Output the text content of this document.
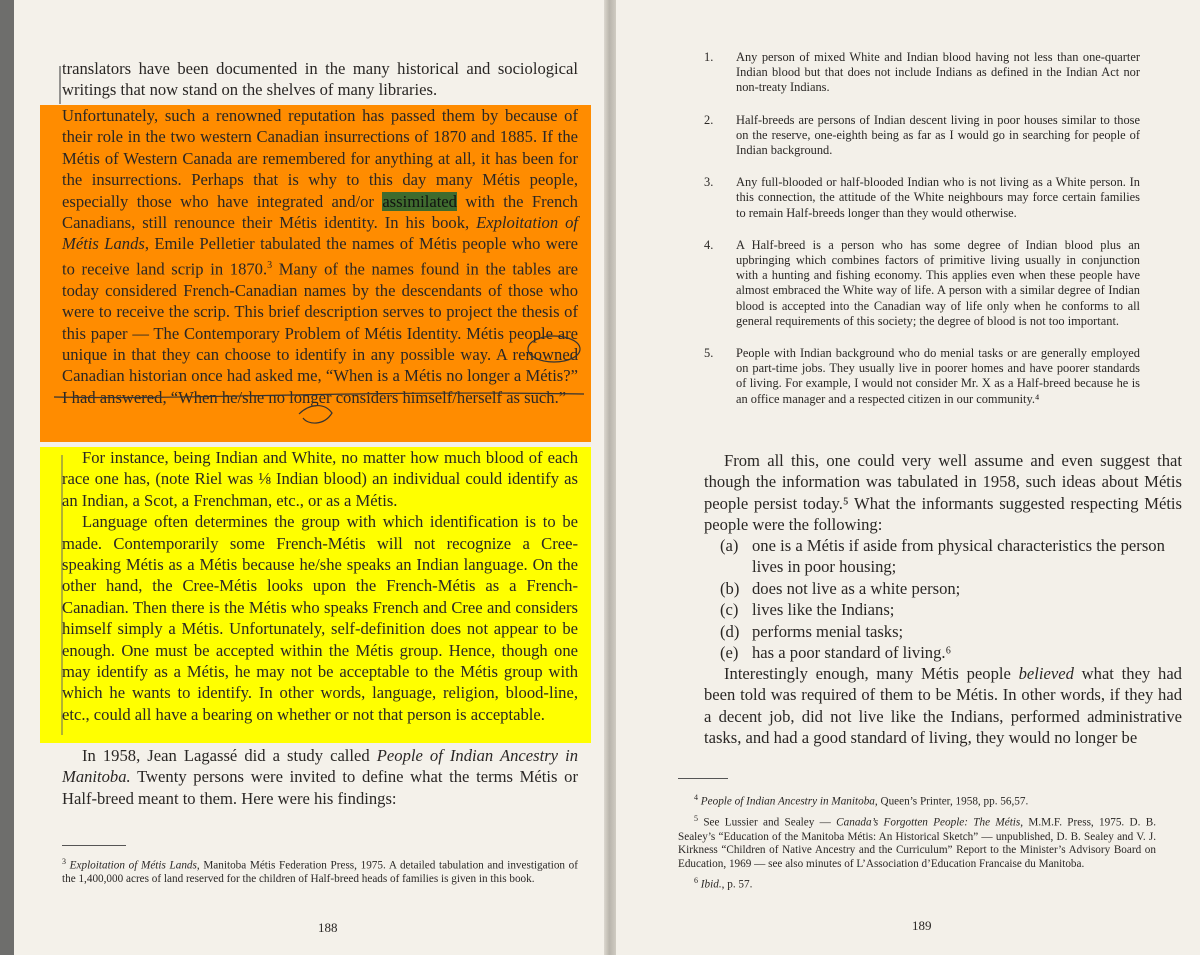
translators have been documented in the many historical and sociological writings that now stand on the shelves of many libraries.

Unfortunately, such a renowned reputation has passed them by because of their role in the two western Canadian insurrections of 1870 and 1885. If the Métis of Western Canada are remembered for anything at all, it has been for the insurrections. Perhaps that is why to this day many Métis people, especially those who have integrated and/or assimilated with the French Canadians, still renounce their Métis identity. In his book, Exploitation of Métis Lands, Emile Pelletier tabulated the names of Métis people who were to receive land scrip in 1870.$^3$ Many of the names found in the tables are today considered French-Canadian names by the descendants of those who were to receive the scrip. This brief description serves to project the thesis of this paper — The Contemporary Problem of Métis Identity. Métis people are unique in that they can choose to identify in any possible way. A renowned Canadian historian once had asked me, “When is a Métis no longer a Métis?” I had answered, “When he/she no longer considers himself/herself as such.”

For instance, being Indian and White, no matter how much blood of each race one has, (note Riel was ⅛ Indian blood) an individual could identify as an Indian, a Scot, a Frenchman, etc., or as a Métis.

Language often determines the group with which identification is to be made. Contemporarily some French-Métis will not recognize a Cree-speaking Métis as a Métis because he/she speaks an Indian language. On the other hand, the Cree-Métis looks upon the French-Métis as a French-Canadian. Then there is the Métis who speaks French and Cree and considers himself simply a Métis. Unfortunately, self-definition does not appear to be enough. One must be accepted within the Métis group. Hence, though one may identify as a Métis, he may not be acceptable to the Métis group with which he wants to identify. In other words, language, religion, blood-line, etc., could all have a bearing on whether or not that person is acceptable.

In 1958, Jean Lagassé did a study called People of Indian Ancestry in Manitoba. Twenty persons were invited to define what the terms Métis or Half-breed meant to them. Here were his findings:

$^3$ Exploitation of Métis Lands, Manitoba Métis Federation Press, 1975. A detailed tabulation and investigation of the 1,400,000 acres of land reserved for the children of Half-breed heads of families is given in this book.
188
1. Any person of mixed White and Indian blood having not less than one-quarter Indian blood but that does not include Indians as defined in the Indian Act nor non-treaty Indians.
2. Half-breeds are persons of Indian descent living in poor houses similar to those on the reserve, one-eighth being as far as I would go in searching for people of Indian background.
3. Any full-blooded or half-blooded Indian who is not living as a White person. In this connection, the attitude of the White neighbours may force certain families to remain Half-breeds longer than they would otherwise.
4. A Half-breed is a person who has some degree of Indian blood plus an upbringing which combines factors of primitive living usually in conjunction with a hunting and fishing economy. This applies even when these people have almost embraced the White way of life. A person with a similar degree of Indian blood is accepted into the Canadian way of life only when he conforms to all general requirements of this society; the degree of blood is not too important.
5. People with Indian background who do menial tasks or are generally employed on part-time jobs. They usually live in poorer homes and have poorer standards of living. For example, I would not consider Mr. X as a Half-breed because he is an office manager and a respected citizen in our community.⁴

From all this, one could very well assume and even suggest that though the information was tabulated in 1958, such ideas about Métis people persist today.⁵ What the informants suggested respecting Métis people were the following:

(a) one is a Métis if aside from physical characteristics the person lives in poor housing;
(b) does not live as a white person;
(c) lives like the Indians;
(d) performs menial tasks;
(e) has a poor standard of living.⁶

Interestingly enough, many Métis people believed what they had been told was required of them to be Métis. In other words, if they had a decent job, did not live like the Indians, performed administrative tasks, and had a good standard of living, they would no longer be

$^4$ People of Indian Ancestry in Manitoba, Queen’s Printer, 1958, pp. 56,57.
$^5$ See Lussier and Sealey — Canada’s Forgotten People: The Métis, M.M.F. Press, 1975. D. B. Sealey’s “Education of the Manitoba Métis: An Historical Sketch” — unpublished, D. B. Sealey and V. J. Kirkness “Children of Native Ancestry and the Curriculum” Report to the Minister’s Advisory Board on Education, 1969 — see also minutes of L’Association d’Education Francaise du Manitoba.
$^6$ Ibid., p. 57.
189
